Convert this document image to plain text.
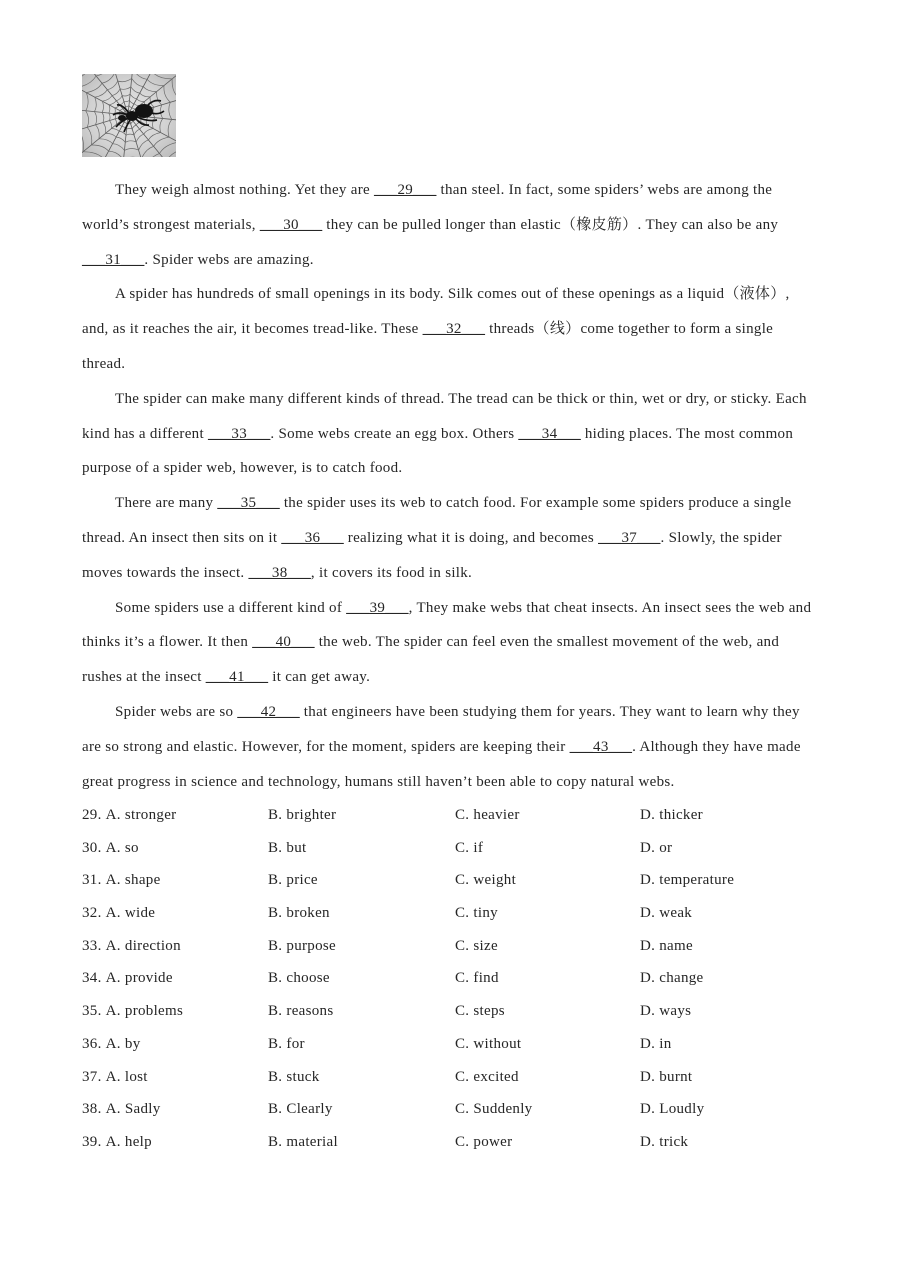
They weigh almost nothing. Yet they are ___29___ than steel. In fact, some spiders’ webs are among the
world’s strongest materials, ___30___ they can be pulled longer than elastic（橡皮筋）. They can also be any
___31___. Spider webs are amazing.
A spider has hundreds of small openings in its body. Silk comes out of these openings as a liquid（液体）,
and, as it reaches the air, it becomes tread-like. These ___32___ threads（线）come together to form a single
thread.
The spider can make many different kinds of thread. The tread can be thick or thin, wet or dry, or sticky. Each
kind has a different ___33___. Some webs create an egg box. Others ___34___ hiding places. The most common
purpose of a spider web, however, is to catch food.
There are many ___35___ the spider uses its web to catch food. For example some spiders produce a single
thread. An insect then sits on it ___36___ realizing what it is doing, and becomes ___37___. Slowly, the spider
moves towards the insect. ___38___, it covers its food in silk.
Some spiders use a different kind of ___39___, They make webs that cheat insects. An insect sees the web and
thinks it’s a flower. It then ___40___ the web. The spider can feel even the smallest movement of the web, and
rushes at the insect ___41___ it can get away.
Spider webs are so ___42___ that engineers have been studying them for years. They want to learn why they
are so strong and elastic. However, for the moment, spiders are keeping their ___43___. Although they have made
great progress in science and technology, humans still haven’t been able to copy natural webs.
29. A. stronger	B. brighter	C. heavier	D. thicker
30. A. so	B. but	C. if	D. or
31. A. shape	B. price	C. weight	D. temperature
32. A. wide	B. broken	C. tiny	D. weak
33. A. direction	B. purpose	C. size	D. name
34. A. provide	B. choose	C. find	D. change
35. A. problems	B. reasons	C. steps	D. ways
36. A. by	B. for	C. without	D. in
37. A. lost	B. stuck	C. excited	D. burnt
38. A. Sadly	B. Clearly	C. Suddenly	D. Loudly
39. A. help	B. material	C. power	D. trick
